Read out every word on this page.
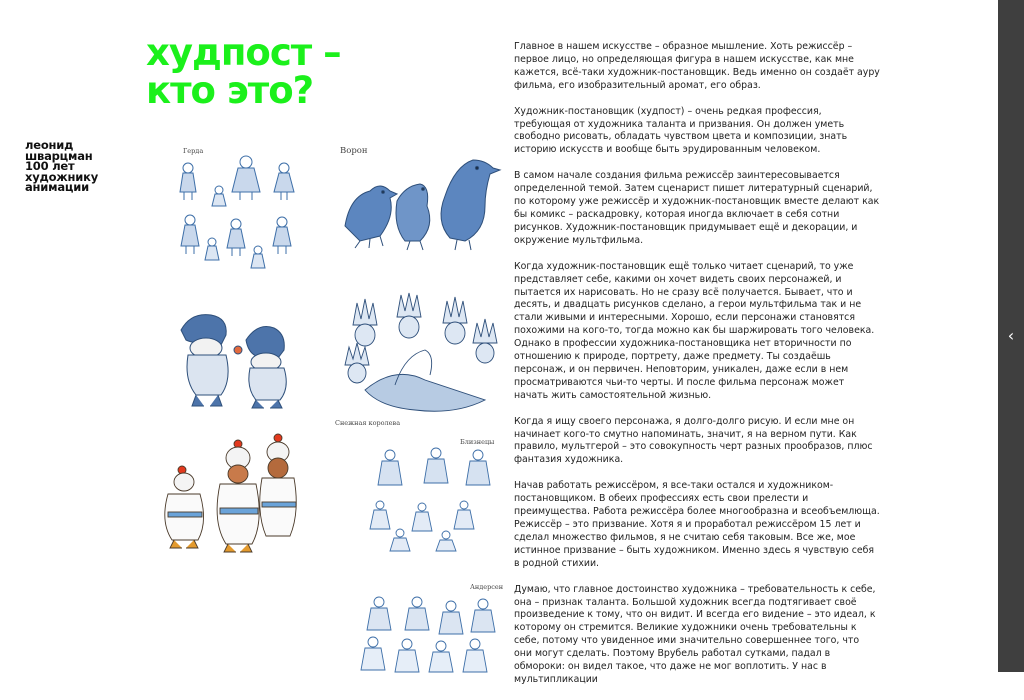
леонид
шварцман
100 лет
художнику
анимации
худпост –
кто это?
Герда	Ворон
Снежная королева
Близнецы
Андерсен

Главное в нашем искусстве – образное мышление. Хоть режиссёр – первое лицо, но определяющая фигура в нашем искусстве, как мне кажется, всё-таки художник-постановщик. Ведь именно он создаёт ауру фильма, его изобразительный аромат, его образ.

Художник-постановщик (худпост) – очень редкая профессия, требующая от художника таланта и призвания. Он должен уметь свободно рисовать, обладать чувством цвета и композиции, знать историю искусств и вообще быть эрудированным человеком.

В самом начале создания фильма режиссёр заинтересовывается определенной темой. Затем сценарист пишет литературный сценарий, по которому уже режиссёр и художник-постановщик вместе делают как бы комикс – раскадровку, которая иногда включает в себя сотни рисунков. Художник-постановщик придумывает ещё и декорации, и окружение мультфильма.

Когда художник-постановщик ещё только читает сценарий, то уже представляет себе, какими он хочет видеть своих персонажей, и пытается их нарисовать. Но не сразу всё получается. Бывает, что и десять, и двадцать рисунков сделано, а герои мультфильма так и не стали живыми и интересными. Хорошо, если персонажи становятся похожими на кого-то, тогда можно как бы шаржировать того человека. Однако в профессии художника-постановщика нет вторичности по отношению к природе, портрету, даже предмету. Ты создаёшь персонаж, и он первичен. Неповторим, уникален, даже если в нем просматриваются чьи-то черты. И после фильма персонаж может начать жить самостоятельной жизнью.

Когда я ищу своего персонажа, я долго-долго рисую. И если мне он начинает кого-то смутно напоминать, значит, я на верном пути. Как правило, мультгерой – это совокупность черт разных прообразов, плюс фантазия художника.

Начав работать режиссёром, я все-таки остался и художником-постановщиком. В обеих профессиях есть свои прелести и преимущества. Работа режиссёра более многообразна и всеобъемлюща. Режиссёр – это призвание. Хотя я и проработал режиссёром 15 лет и сделал множество фильмов, я не считаю себя таковым. Все же, мое истинное призвание – быть художником. Именно здесь я чувствую себя в родной стихии.

Думаю, что главное достоинство художника – требовательность к себе, она – признак таланта. Большой художник всегда подтягивает своё произведение к тому, что он видит. И всегда его видение – это идеал, к которому он стремится. Великие художники очень требовательны к себе, потому что увиденное ими значительно совершеннее того, что они могут сделать. Поэтому Врубель работал сутками, падал в обмороки: он видел такое, что даже не мог воплотить. У нас в мультипликации

‹
